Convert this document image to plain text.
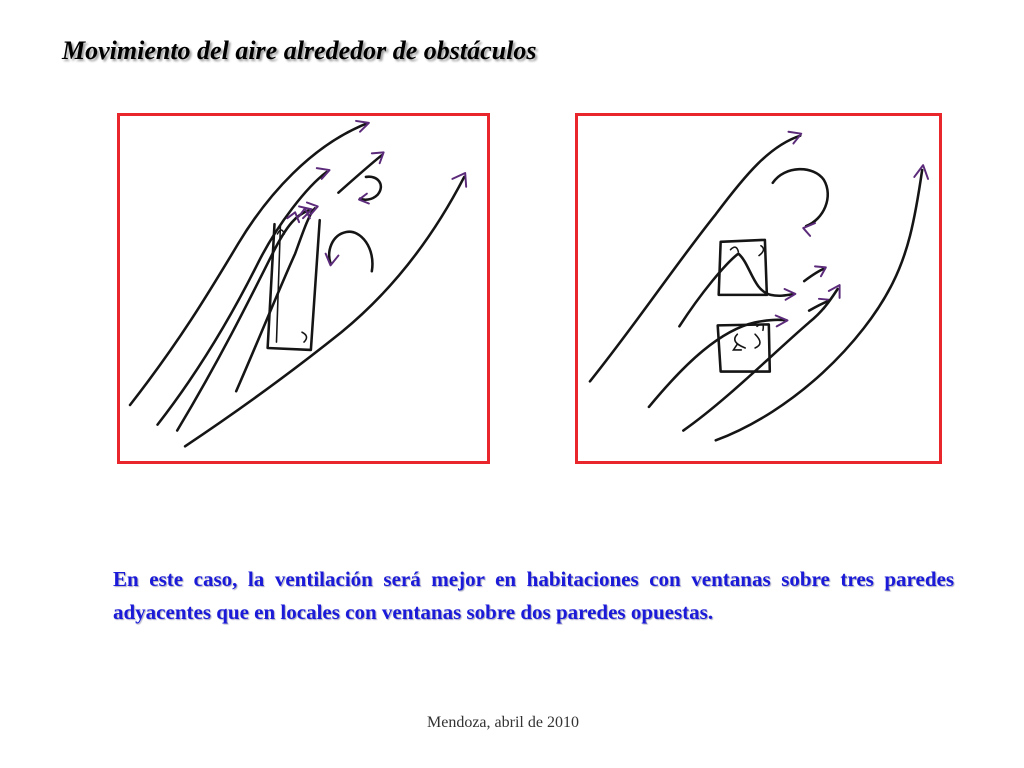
Movimiento del aire alrededor de obstáculos
En este caso, la ventilación será mejor en habitaciones con ventanas sobre tres paredes adyacentes que en locales con ventanas sobre dos paredes opuestas.
Mendoza, abril de 2010
